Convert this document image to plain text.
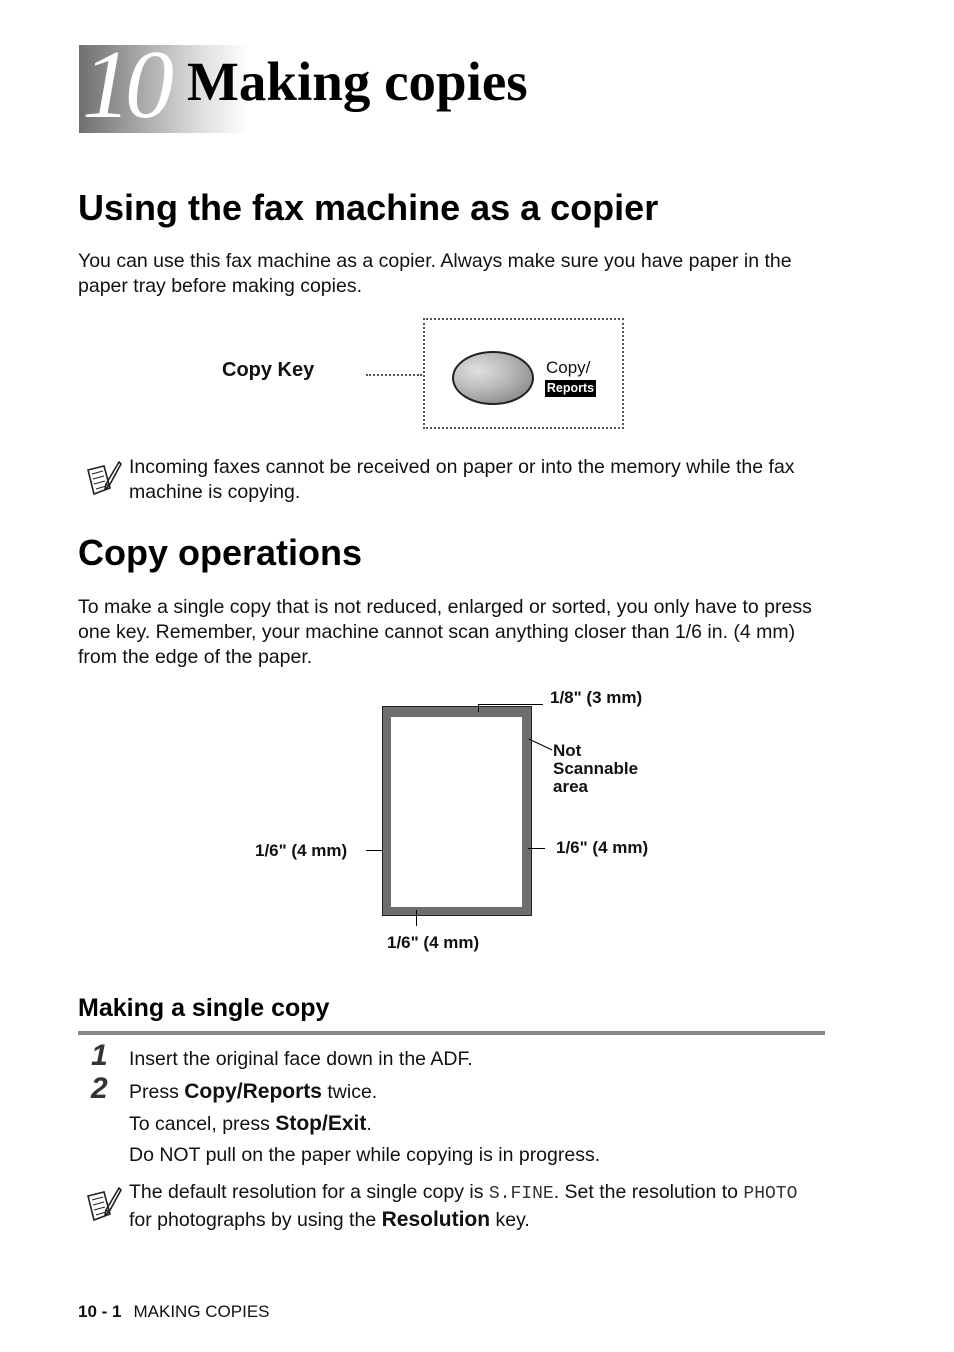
10 Making copies
Using the fax machine as a copier
You can use this fax machine as a copier. Always make sure you have paper in the paper tray before making copies.
Copy Key	Copy/
Reports
Incoming faxes cannot be received on paper or into the memory while the fax machine is copying.
Copy operations
To make a single copy that is not reduced, enlarged or sorted, you only have to press one key. Remember, your machine cannot scan anything closer than 1/6 in. (4 mm) from the edge of the paper.
1/8" (3 mm)
Not
Scannable
area
1/6" (4 mm)	1/6" (4 mm)
1/6" (4 mm)
Making a single copy
1 Insert the original face down in the ADF.
2 Press Copy/Reports twice.
To cancel, press Stop/Exit.
Do NOT pull on the paper while copying is in progress.
The default resolution for a single copy is S.FINE. Set the resolution to PHOTO
for photographs by using the Resolution key.
10 - 1 MAKING COPIES
